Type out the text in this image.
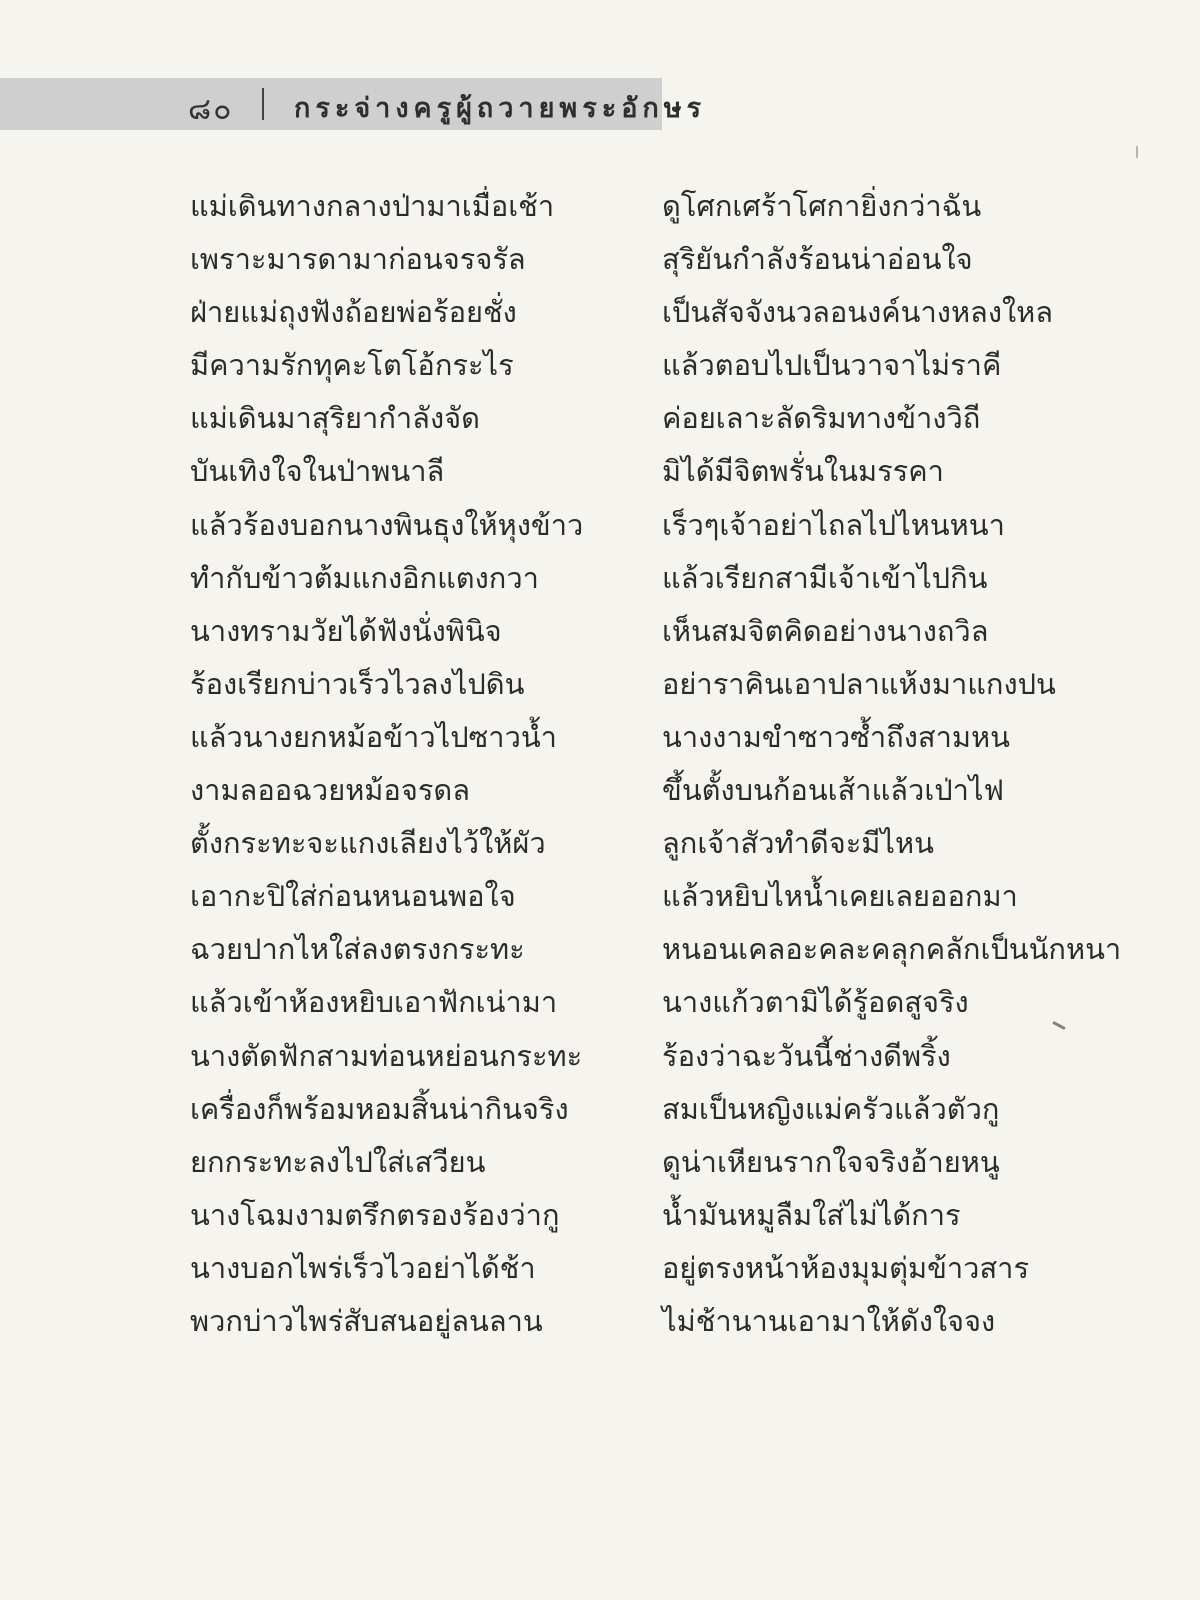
๘๐ กระจ่างครูผู้ถวายพระอักษร
แม่เดินทางกลางป่ามาเมื่อเช้า	ดูโศกเศร้าโศกายิ่งกว่าฉัน
เพราะมารดามาก่อนจรจรัล	สุริยันกำลังร้อนน่าอ่อนใจ
ฝ่ายแม่ถุงฟังถ้อยพ่อร้อยชั่ง	เป็นสัจจังนวลอนงค์นางหลงใหล
มีความรักทุคะโตโอ้กระไร	แล้วตอบไปเป็นวาจาไม่ราคี
แม่เดินมาสุริยากำลังจัด	ค่อยเลาะลัดริมทางข้างวิถี
บันเทิงใจในป่าพนาลี	มิได้มีจิตพรั่นในมรรคา
แล้วร้องบอกนางพินธุงให้หุงข้าว	เร็วๆเจ้าอย่าไถลไปไหนหนา
ทำกับข้าวต้มแกงอิกแตงกวา	แล้วเรียกสามีเจ้าเข้าไปกิน
นางทรามวัยได้ฟังนั่งพินิจ	เห็นสมจิตคิดอย่างนางถวิล
ร้องเรียกบ่าวเร็วไวลงไปดิน	อย่าราคินเอาปลาแห้งมาแกงปน
แล้วนางยกหม้อข้าวไปซาวน้ำ	นางงามขำซาวซ้ำถึงสามหน
งามลออฉวยหม้อจรดล	ขึ้นตั้งบนก้อนเส้าแล้วเป่าไฟ
ตั้งกระทะจะแกงเลียงไว้ให้ผัว	ลูกเจ้าสัวทำดีจะมีไหน
เอากะปิใส่ก่อนหนอนพอใจ	แล้วหยิบไหน้ำเคยเลยออกมา
ฉวยปากไหใส่ลงตรงกระทะ	หนอนเคลอะคละคลุกคลักเป็นนักหนา
แล้วเข้าห้องหยิบเอาฟักเน่ามา	นางแก้วตามิได้รู้อดสูจริง
นางตัดฟักสามท่อนหย่อนกระทะ	ร้องว่าฉะวันนี้ช่างดีพริ้ง
เครื่องก็พร้อมหอมสิ้นน่ากินจริง	สมเป็นหญิงแม่ครัวแล้วตัวกู
ยกกระทะลงไปใส่เสวียน	ดูน่าเหียนรากใจจริงอ้ายหนู
นางโฉมงามตรึกตรองร้องว่ากู	น้ำมันหมูลืมใส่ไม่ได้การ
นางบอกไพร่เร็วไวอย่าได้ช้า	อยู่ตรงหน้าห้องมุมตุ่มข้าวสาร
พวกบ่าวไพร่สับสนอยู่ลนลาน	ไม่ช้านานเอามาให้ดังใจจง
